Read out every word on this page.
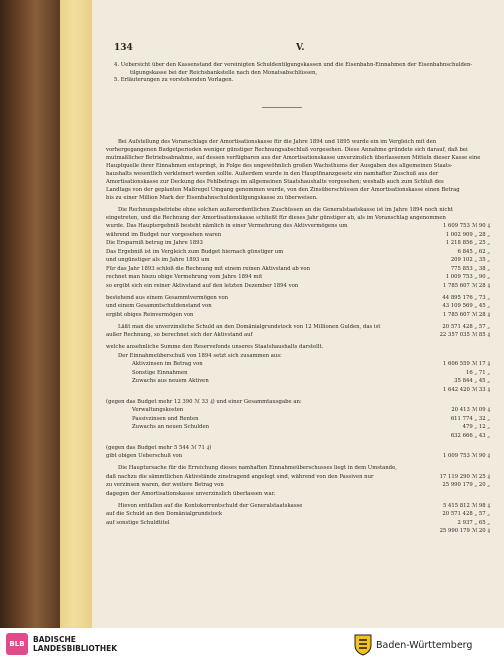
134	V.
4. Uebersicht über den Kassenstand der vereinigten Schuldentilgungskassen und die Eisenbahn-Einnahmen der Eisenbahnschulden-
tilgungskasse bei der Reichsbankstelle nach den Monatsabschlüssen,
5. Erläuterungen zu vorstehenden Vorlagen.
Bei Aufstellung des Voranschlags der Amortisationskasse für die Jahre 1894 und 1895 wurde ein im Vergleich mit den
vorhergegangenen Budgetperioden weniger günstiger Rechnungsabschluß vorgesehen. Diese Annahme gründete sich darauf, daß bei
mutmaßlicher Betriebsabnahme, auf dessen verfügbaren aus der Amortisationskasse unverzinslich überlassenen Mitteln dieser Kasse eine
Hauptquelle ihrer Einnahmen entspringt, in Folge des ungewöhnlich großen Wachsthums der Ausgaben des allgemeinen Staats-
haushalts wesentlich verkleinert werden sollte. Außerdem wurde in den Hauptfinanzgesetz ein namhafter Zuschuß aus der
Amortisationskasse zur Deckung des Fehlbetrags im allgemeinen Staatshaushalte vorgesehen; weshalb auch zum Schluß des
Landtags von der geplanten Maßregel Umgang genommen wurde, von den Zinsüberschüssen der Amortisationskasse einen Betrag
bis zu einer Million Mark der Eisenbahnschuldentilgungskasse zu überweisen.
Die Rechnungsbetriebe ohne solchen außerordentlichen Zuschüssen an die Generalstaatskasse ist im Jahre 1894 noch nicht
eingetreten, und die Rechnung der Amortisationskasse schließt für dieses Jahr günstiger ab, als im Voranschlag angenommen
wurde. Das Hauptergebniß besteht nämlich in einer Vermehrung des Aktivvermögens um	1 609 753 ℳ 90 ₰
während im Budget nur vorgesehen waren	1 002 909 „ 28 „
Die Ersparniß betrug im Jahre 1893	1 218 856 „ 25 „
Das Ergebniß ist im Vergleich zum Budget hiernach günstiger um	6 845 „ 62 „
und ungünstiger als im Jahre 1893 um	209 102 „ 35 „
Für das Jahr 1893 schloß die Rechnung mit einem reinen Aktivstand ab von	775 853 „ 38 „
rechnet man hiezu obige Vermehrung vom Jahre 1894 mit	1 009 753 „ 90 „
so ergibt sich ein reiner Aktivstand auf den letzten Dezember 1894 von	1 785 607 ℳ 28 ₰
bestehend aus einem Gesammtvermögen von	44 895 176 „ 73 „
und einem Gesammtschuldenstand von	43 109 569 „ 45 „
ergibt obiges Reinvermögen von	1 785 607 ℳ 28 ₰
Läßt man die unverzinsliche Schuld an den Domänialgrundstock von 12 Millionen Gulden, das ist	20 571 428 „ 57 „
außer Rechnung, so berechnet sich der Aktivstand auf	22 357 035 ℳ 85 ₰
welche ansehnliche Summe den Reservefonds unseres Staatshaushalts darstellt.
Der Einnahmeüberschuß von 1894 setzt sich zusammen aus:
Aktivzinsen im Betrag von	1 606 559 ℳ 17 ₰
Sonstige Einnahmen	16 „ 71 „
Zuwachs aus neuem Aktiven	35 844 „ 45 „
1 642 420 ℳ 33 ₰
(gegen das Budget mehr 12 390 ℳ 33 ₰) und einer Gesammtausgabe an:
Verwaltungskosten	20 413 ℳ 09 ₰
Passivzinsen und Renten	611 774 „ 32 „
Zuwachs an neuen Schulden	479 „ 12 „
632 666 „ 43 „
(gegen das Budget mehr 5 544 ℳ 71 ₰)
gibt obigen Ueberschuß von	1 009 753 ℳ 90 ₰
Die Hauptursache für die Erreichung dieses namhaften Einnahmeüberschusses liegt in dem Umstande,
daß nachzu die sämmtlichen Aktivstände zinstragend angelegt sind, während von den Passiven nur	17 119 290 ℳ 25 ₰
zu verzinsen waren, der weitere Betrag von	25 990 179 „ 20 „
dagegen der Amortisationskasse unverzinslich überlassen war.
Hievon entfallen auf die Kontokorrentschuld der Generalstaatskasse	5 415 812 ℳ 98 ₰
auf die Schuld an den Domänialgrundstock	20 571 428 „ 57 „
auf sonstige Schuldtitel	2 937 „ 65 „
25 990 179 ℳ 20 ₰
BLB	BADISCHE
LANDESBIBLIOTHEK	Baden-Württemberg
